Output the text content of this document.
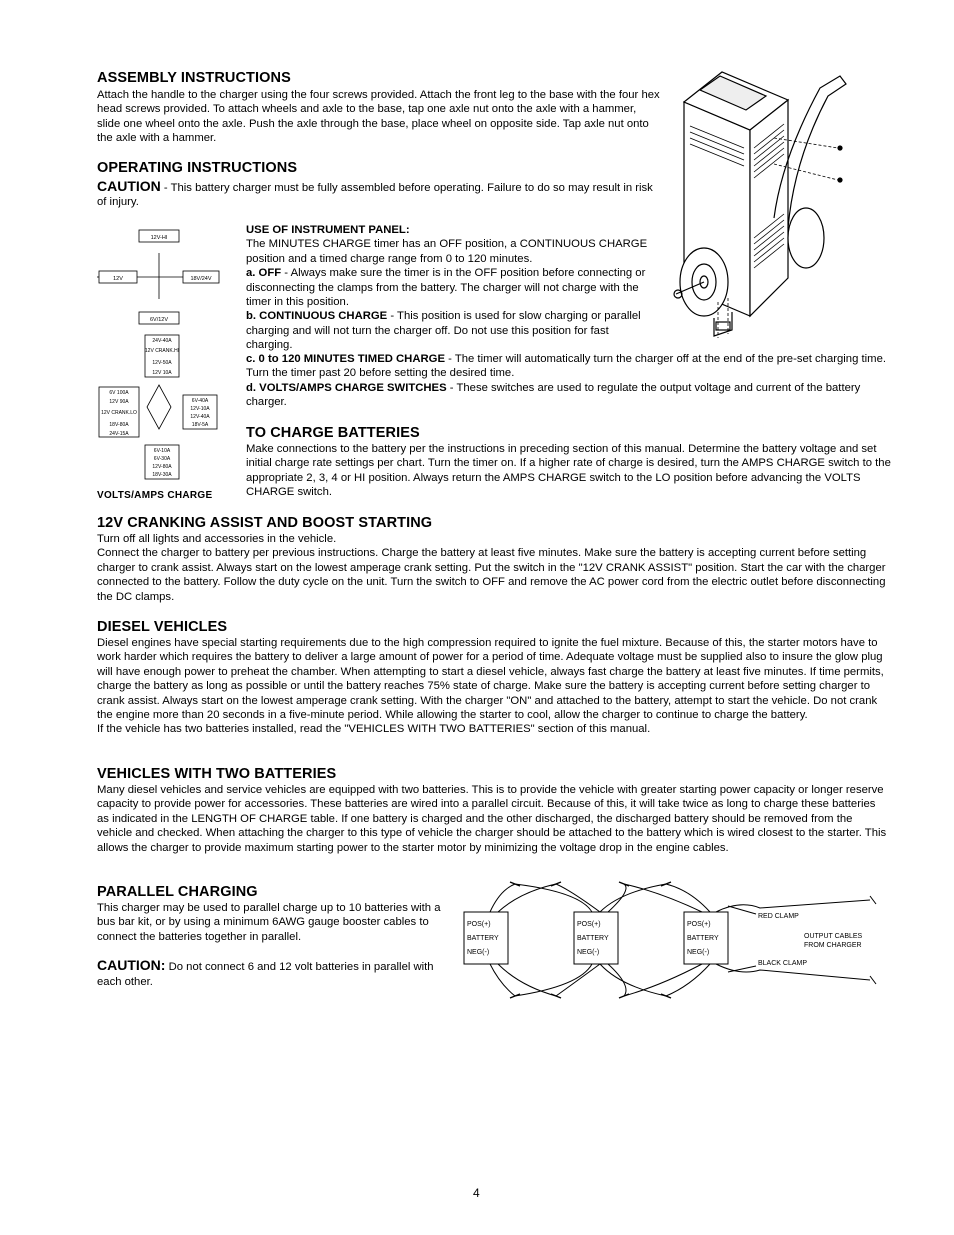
ASSEMBLY INSTRUCTIONS

Attach the handle to the charger using the four screws provided. Attach the front leg to the base with the four hex head screws provided. To attach wheels and axle to the base, tap one axle nut onto the axle with a hammer, slide one wheel onto the axle. Push the axle through the base, place wheel on opposite side. Tap axle nut onto the axle with a hammer.

OPERATING INSTRUCTIONS

CAUTION - This battery charger must be fully assembled before operating. Failure to do so may result in risk of injury.

12V-HI
12V	18V/24V
6V/12V
24V-40A
12V CRANK.HI
12V-50A
12V 10A
6V 100A
12V 90A
12V CRANK.LO
18V-80A
24V-15A
6V-40A
12V-10A
12V-40A
18V-5A
6V-10A
6V-30A
12V-80A
18V-30A
VOLTS/AMPS CHARGE

USE OF INSTRUMENT PANEL:

The MINUTES CHARGE timer has an OFF position, a CONTINUOUS CHARGE position and a timed charge range from 0 to 120 minutes.

a. OFF - Always make sure the timer is in the OFF position before connecting or disconnecting the clamps from the battery. The charger will not charge with the timer in this position.

b. CONTINUOUS CHARGE - This position is used for slow charging or parallel charging and will not turn the charger off. Do not use this position for fast charging.

c. 0 to 120 MINUTES TIMED CHARGE - The timer will automatically turn the charger off at the end of the pre-set charging time. Turn the timer past 20 before setting the desired time.

d. VOLTS/AMPS CHARGE SWITCHES - These switches are used to regulate the output voltage and current of the battery charger.

TO CHARGE BATTERIES

Make connections to the battery per the instructions in preceding section of this manual. Determine the battery voltage and set initial charge rate settings per chart. Turn the timer on. If a higher rate of charge is desired, turn the AMPS CHARGE switch to the appropriate 2, 3, 4 or HI position. Always return the AMPS CHARGE switch to the LO position before advancing the VOLTS CHARGE switch.

12V CRANKING ASSIST AND BOOST STARTING

Turn off all lights and accessories in the vehicle.

Connect the charger to battery per previous instructions. Charge the battery at least five minutes. Make sure the battery is accepting current before setting charger to crank assist. Always start on the lowest amperage crank setting. Put the switch in the "12V CRANK ASSIST" position. Start the car with the charger connected to the battery. Follow the duty cycle on the unit. Turn the switch to OFF and remove the AC power cord from the electric outlet before disconnecting the DC clamps.

DIESEL VEHICLES

Diesel engines have special starting requirements due to the high compression required to ignite the fuel mixture. Because of this, the starter motors have to work harder which requires the battery to deliver a large amount of power for a period of time. Adequate voltage must be supplied also to insure the glow plug will have enough power to preheat the chamber. When attempting to start a diesel vehicle, always fast charge the battery at least five minutes. If time permits, charge the battery as long as possible or until the battery reaches 75% state of charge. Make sure the battery is accepting current before setting charger to crank assist. Always start on the lowest amperage crank setting. With the charger "ON" and attached to the battery, attempt to start the vehicle. Do not crank the engine more than 20 seconds in a five-minute period. While allowing the starter to cool, allow the charger to continue to charge the battery.

If the vehicle has two batteries installed, read the "VEHICLES WITH TWO BATTERIES" section of this manual.

VEHICLES WITH TWO BATTERIES

Many diesel vehicles and service vehicles are equipped with two batteries. This is to provide the vehicle with greater starting power capacity or longer reserve capacity to provide power for accessories. These batteries are wired into a parallel circuit. Because of this, it will take twice as long to charge these batteries as indicated in the LENGTH OF CHARGE table. If one battery is charged and the other discharged, the discharged battery should be removed from the vehicle and checked. When attaching the charger to this type of vehicle the charger should be attached to the battery which is wired closest to the starter. This allows the charger to provide maximum starting power to the starter motor by minimizing the voltage drop in the engine cables.

PARALLEL CHARGING

This charger may be used to parallel charge up to 10 batteries with a bus bar kit, or by using a minimum 6AWG gauge booster cables to connect the batteries together in parallel.

CAUTION: Do not connect 6 and 12 volt batteries in parallel with each other.

POS(+)
BATTERY
NEG(-)
POS(+)
BATTERY
NEG(-)
POS(+)
BATTERY
NEG(-)
RED CLAMP
OUTPUT CABLES
FROM CHARGER
BLACK CLAMP
4
